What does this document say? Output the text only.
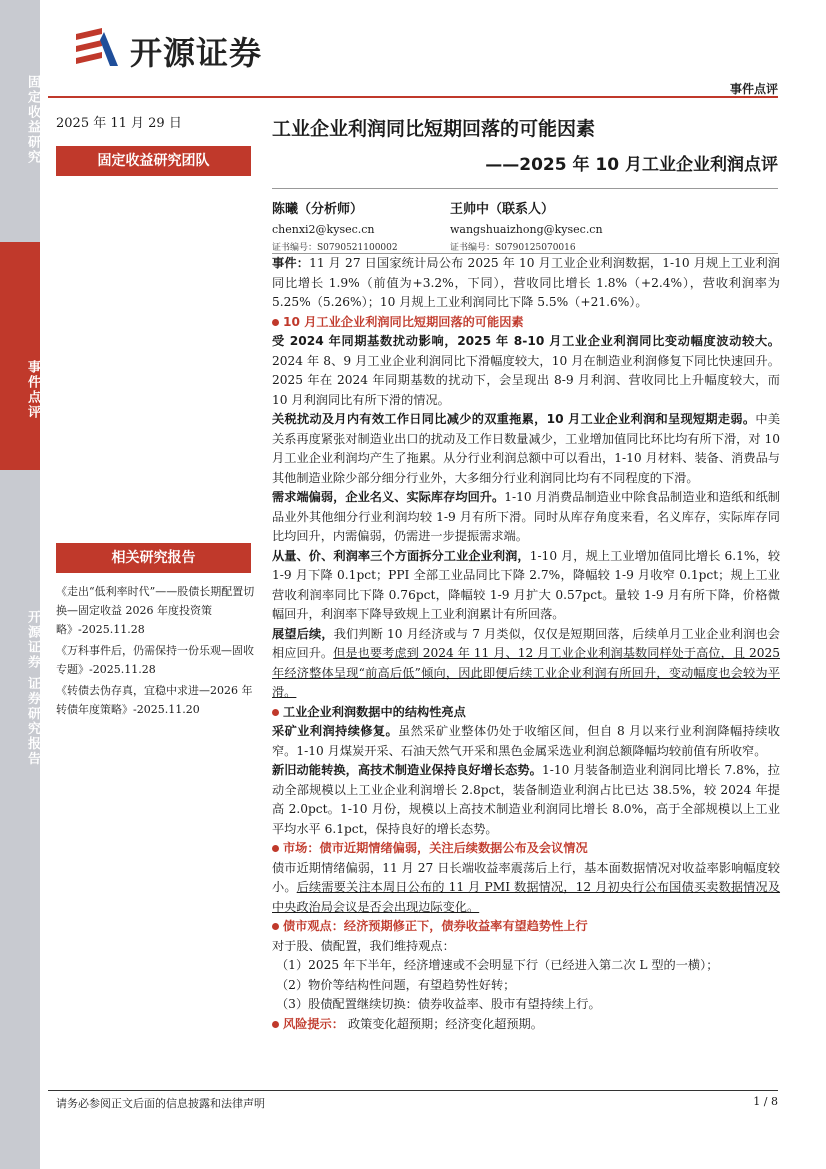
固定收益研究
事件点评
开源证券 证券研究报告
开源证券
事件点评
2025 年 11 月 29 日
固定收益研究团队
工业企业利润同比短期回落的可能因素
——2025 年 10 月工业企业利润点评
陈曦（分析师）
chenxi2@kysec.cn
证书编号：S0790521100002
王帅中（联系人）
wangshuaizhong@kysec.cn
证书编号：S0790125070016
相关研究报告
《走出“低利率时代”——股债长期配置切换—固定收益 2026 年度投资策略》-2025.11.28
《万科事件后，仍需保持一份乐观—固收专题》-2025.11.28
《转债去伪存真，宜稳中求进—2026 年转债年度策略》-2025.11.20

事件：11 月 27 日国家统计局公布 2025 年 10 月工业企业利润数据，1-10 月规上工业利润同比增长 1.9%（前值为+3.2%，下同），营收同比增长 1.8%（+2.4%），营收利润率为 5.25%（5.26%）；10 月规上工业利润同比下降 5.5%（+21.6%）。

10 月工业企业利润同比短期回落的可能因素

受 2024 年同期基数扰动影响，2025 年 8-10 月工业企业利润同比变动幅度波动较大。2024 年 8、9 月工业企业利润同比下滑幅度较大，10 月在制造业利润修复下同比快速回升。2025 年在 2024 年同期基数的扰动下，会呈现出 8-9 月利润、营收同比上升幅度较大，而 10 月利润同比有所下滑的情况。

关税扰动及月内有效工作日同比减少的双重拖累，10 月工业企业利润和呈现短期走弱。中美关系再度紧张对制造业出口的扰动及工作日数量减少，工业增加值同比环比均有所下滑，对 10 月工业企业利润均产生了拖累。从分行业利润总额中可以看出，1-10 月材料、装备、消费品与其他制造业除少部分细分行业外，大多细分行业利润同比均有不同程度的下滑。

需求端偏弱，企业名义、实际库存均回升。1-10 月消费品制造业中除食品制造业和造纸和纸制品业外其他细分行业利润均较 1-9 月有所下滑。同时从库存角度来看，名义库存，实际库存同比均回升，内需偏弱，仍需进一步提振需求端。

从量、价、利润率三个方面拆分工业企业利润，1-10 月，规上工业增加值同比增长 6.1%，较 1-9 月下降 0.1pct；PPI 全部工业品同比下降 2.7%，降幅较 1-9 月收窄 0.1pct；规上工业营收利润率同比下降 0.76pct，降幅较 1-9 月扩大 0.57pct。量较 1-9 月有所下降，价格微幅回升，利润率下降导致规上工业利润累计有所回落。

展望后续，我们判断 10 月经济或与 7 月类似，仅仅是短期回落，后续单月工业企业利润也会相应回升。但是也要考虑到 2024 年 11 月、12 月工业企业利润基数同样处于高位，且 2025 年经济整体呈现“前高后低”倾向，因此即便后续工业企业利润有所回升，变动幅度也会较为平滑。

工业企业利润数据中的结构性亮点

采矿业利润持续修复。虽然采矿业整体仍处于收缩区间，但自 8 月以来行业利润降幅持续收窄。1-10 月煤炭开采、石油天然气开采和黑色金属采选业利润总额降幅均较前值有所收窄。

新旧动能转换，高技术制造业保持良好增长态势。1-10 月装备制造业利润同比增长 7.8%，拉动全部规模以上工业企业利润增长 2.8pct，装备制造业利润占比已达 38.5%，较 2024 年提高 2.0pct。1-10 月份，规模以上高技术制造业利润同比增长 8.0%，高于全部规模以上工业平均水平 6.1pct，保持良好的增长态势。

市场：债市近期情绪偏弱，关注后续数据公布及会议情况

债市近期情绪偏弱，11 月 27 日长端收益率震荡后上行，基本面数据情况对收益率影响幅度较小。后续需要关注本周日公布的 11 月 PMI 数据情况，12 月初央行公布国债买卖数据情况及中央政治局会议是否会出现边际变化。

债市观点：经济预期修正下，债券收益率有望趋势性上行

对于股、债配置，我们维持观点：

（1）2025 年下半年，经济增速或不会明显下行（已经进入第二次 L 型的一横）；

（2）物价等结构性问题，有望趋势性好转；

（3）股债配置继续切换：债券收益率、股市有望持续上行。

风险提示： 政策变化超预期；经济变化超预期。

请务必参阅正文后面的信息披露和法律声明	1 / 8
